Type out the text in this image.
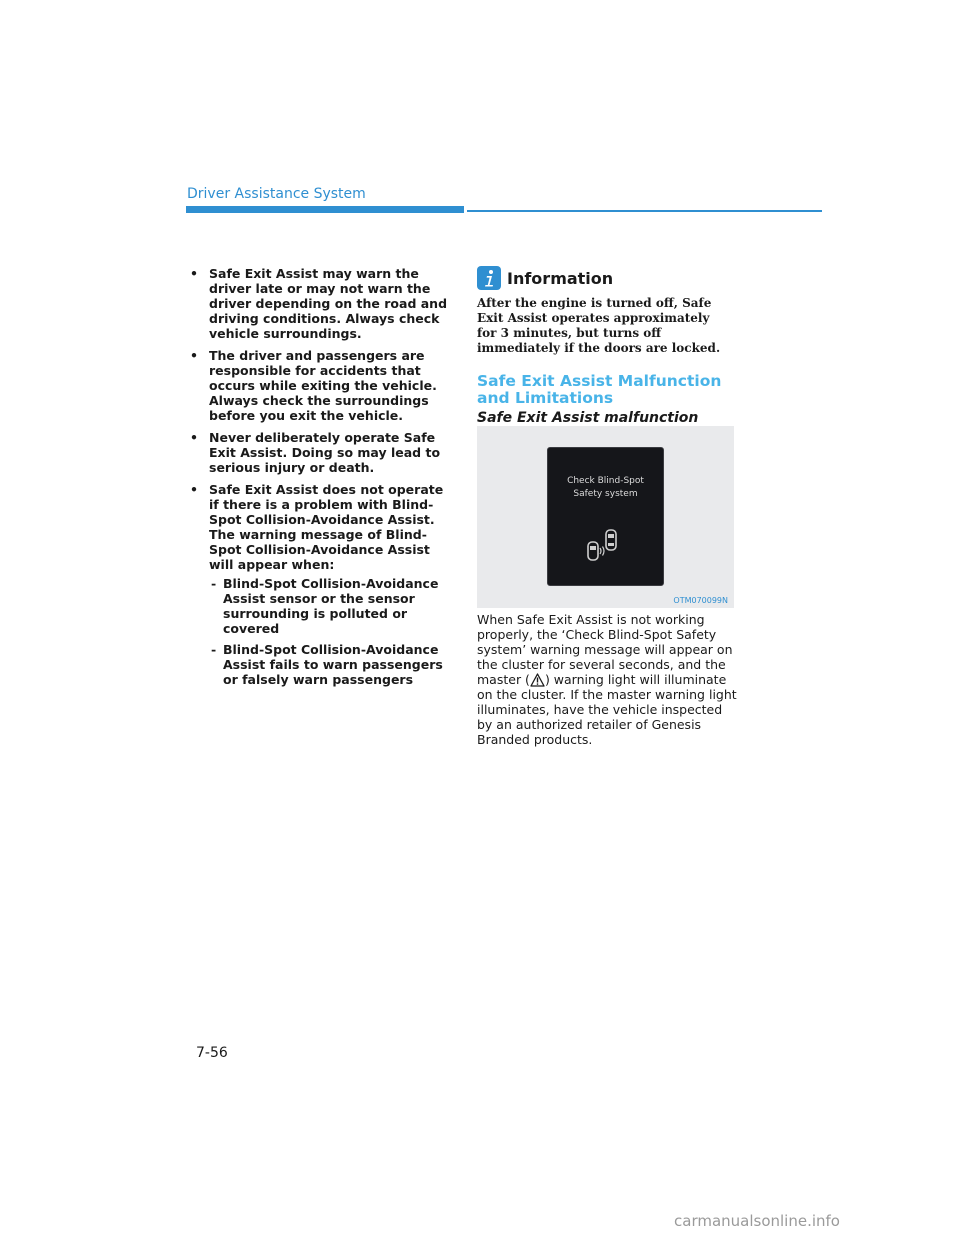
Driver Assistance System
• Safe Exit Assist may warn the driver late or may not warn the driver depending on the road and driving conditions. Always check vehicle surroundings.
• The driver and passengers are responsible for accidents that occurs while exiting the vehicle. Always check the surroundings before you exit the vehicle.
• Never deliberately operate Safe Exit Assist. Doing so may lead to serious injury or death.
• Safe Exit Assist does not operate if there is a problem with Blind-Spot Collision-Avoidance Assist. The warning message of Blind-Spot Collision-Avoidance Assist will appear when:
- Blind-Spot Collision-Avoidance Assist sensor or the sensor surrounding is polluted or covered
- Blind-Spot Collision-Avoidance Assist fails to warn passengers or falsely warn passengers
Information
After the engine is turned off, Safe Exit Assist operates approximately for 3 minutes, but turns off immediately if the doors are locked.
Safe Exit Assist Malfunction and Limitations
Safe Exit Assist malfunction
Check Blind-Spot
Safety system
OTM070099N
When Safe Exit Assist is not working properly, the ‘Check Blind-Spot Safety system’ warning message will appear on the cluster for several seconds, and the master ( ) warning light will illuminate on the cluster. If the master warning light illuminates, have the vehicle inspected by an authorized retailer of Genesis Branded products.
7-56
carmanualsonline.info
